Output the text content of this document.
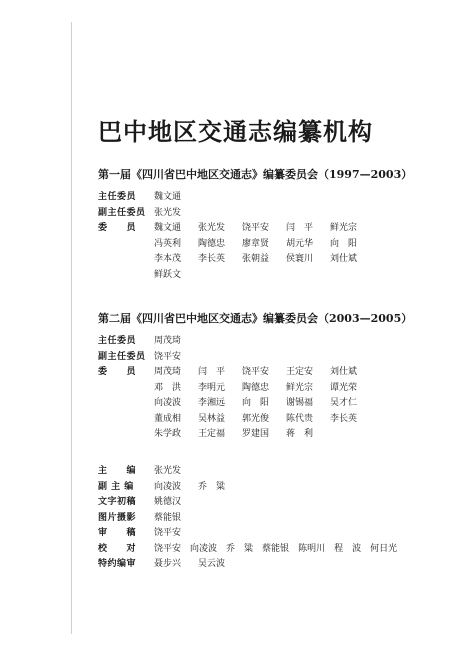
巴中地区交通志编纂机构
第一届《四川省巴中地区交通志》编纂委员会（1997—2003）
主任委员	魏文通
副主任委员 张光发
委　　员	魏文通	张光发	饶平安	闫　平	鲜光宗
冯英利	陶德忠	廖章贤	胡元华	向　阳
李本茂	李长英	张朝益	侯寰川	刘仕斌
鲜跃文
第二届《四川省巴中地区交通志》编纂委员会（2003—2005）
主任委员	周茂琦
副主任委员 饶平安
委　　员	周茂琦	闫　平	饶平安	王定安	刘仕斌
邓　洪	李明元	陶德忠	鲜光宗	谭光荣
向凌波	李湘远	向　阳	谢锡福	吴才仁
董成相	吴林益	郭光俊	陈代贵	李长英
朱学政	王定福	罗建国	蒋　利
主　　编	张光发
副 主 编	向凌波	乔　粱
文字初稿	姚德汉
图片摄影	蔡能银
审　　稿	饶平安
校　　对	饶平安 向凌波 乔　粱 蔡能银 陈明川 程　波 何日光
特约编审	聂步兴	吴云波
